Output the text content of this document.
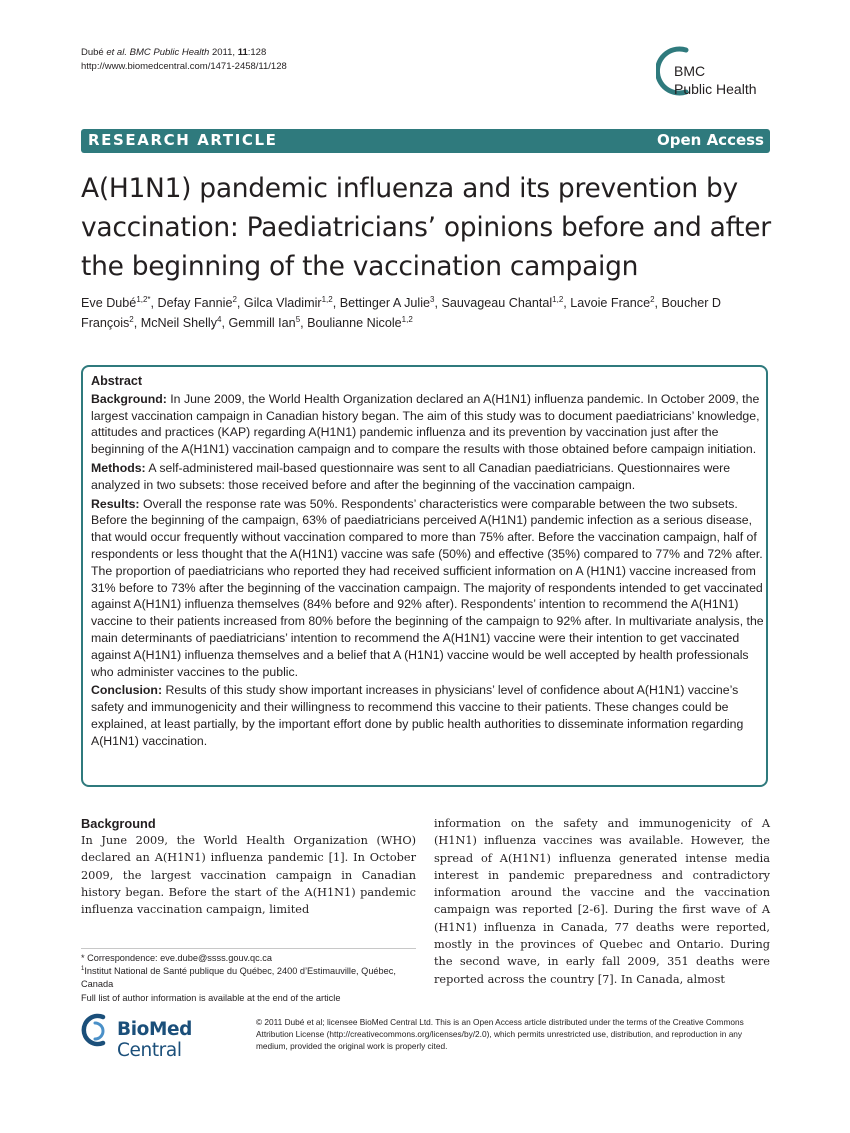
Dubé et al. BMC Public Health 2011, 11:128
http://www.biomedcentral.com/1471-2458/11/128	BMC
Public Health
RESEARCH ARTICLE	Open Access
A(H1N1) pandemic influenza and its prevention by vaccination: Paediatricians’ opinions before and after the beginning of the vaccination campaign
Eve Dubé$^{1,2*}$, Defay Fannie$^2$, Gilca Vladimir$^{1,2}$, Bettinger A Julie$^3$, Sauvageau Chantal$^{1,2}$, Lavoie France$^2$, Boucher D François$^2$, McNeil Shelly$^4$, Gemmill Ian$^5$, Boulianne Nicole$^{1,2}$
Abstract

Background: In June 2009, the World Health Organization declared an A(H1N1) influenza pandemic. In October 2009, the largest vaccination campaign in Canadian history began. The aim of this study was to document paediatricians’ knowledge, attitudes and practices (KAP) regarding A(H1N1) pandemic influenza and its prevention by vaccination just after the beginning of the A(H1N1) vaccination campaign and to compare the results with those obtained before campaign initiation.

Methods: A self-administered mail-based questionnaire was sent to all Canadian paediatricians. Questionnaires were analyzed in two subsets: those received before and after the beginning of the vaccination campaign.

Results: Overall the response rate was 50%. Respondents’ characteristics were comparable between the two subsets. Before the beginning of the campaign, 63% of paediatricians perceived A(H1N1) pandemic infection as a serious disease, that would occur frequently without vaccination compared to more than 75% after. Before the vaccination campaign, half of respondents or less thought that the A(H1N1) vaccine was safe (50%) and effective (35%) compared to 77% and 72% after. The proportion of paediatricians who reported they had received sufficient information on A (H1N1) vaccine increased from 31% before to 73% after the beginning of the vaccination campaign. The majority of respondents intended to get vaccinated against A(H1N1) influenza themselves (84% before and 92% after). Respondents’ intention to recommend the A(H1N1) vaccine to their patients increased from 80% before the beginning of the campaign to 92% after. In multivariate analysis, the main determinants of paediatricians’ intention to recommend the A(H1N1) vaccine were their intention to get vaccinated against A(H1N1) influenza themselves and a belief that A (H1N1) vaccine would be well accepted by health professionals who administer vaccines to the public.

Conclusion: Results of this study show important increases in physicians’ level of confidence about A(H1N1) vaccine’s safety and immunogenicity and their willingness to recommend this vaccine to their patients. These changes could be explained, at least partially, by the important effort done by public health authorities to disseminate information regarding A(H1N1) vaccination.

Background

In June 2009, the World Health Organization (WHO) declared an A(H1N1) influenza pandemic [1]. In October 2009, the largest vaccination campaign in Canadian history began. Before the start of the A(H1N1) pandemic influenza vaccination campaign, limited

information on the safety and immunogenicity of A (H1N1) influenza vaccines was available. However, the spread of A(H1N1) influenza generated intense media interest in pandemic preparedness and contradictory information around the vaccine and the vaccination campaign was reported [2-6]. During the first wave of A (H1N1) influenza in Canada, 77 deaths were reported, mostly in the provinces of Quebec and Ontario. During the second wave, in early fall 2009, 351 deaths were reported across the country [7]. In Canada, almost

* Correspondence: eve.dube@ssss.gouv.qc.ca
$^1$Institut National de Santé publique du Québec, 2400 d’Estimauville, Québec, Canada
Full list of author information is available at the end of the article
BioMed Central
© 2011 Dubé et al; licensee BioMed Central Ltd. This is an Open Access article distributed under the terms of the Creative Commons Attribution License (http://creativecommons.org/licenses/by/2.0), which permits unrestricted use, distribution, and reproduction in any medium, provided the original work is properly cited.
